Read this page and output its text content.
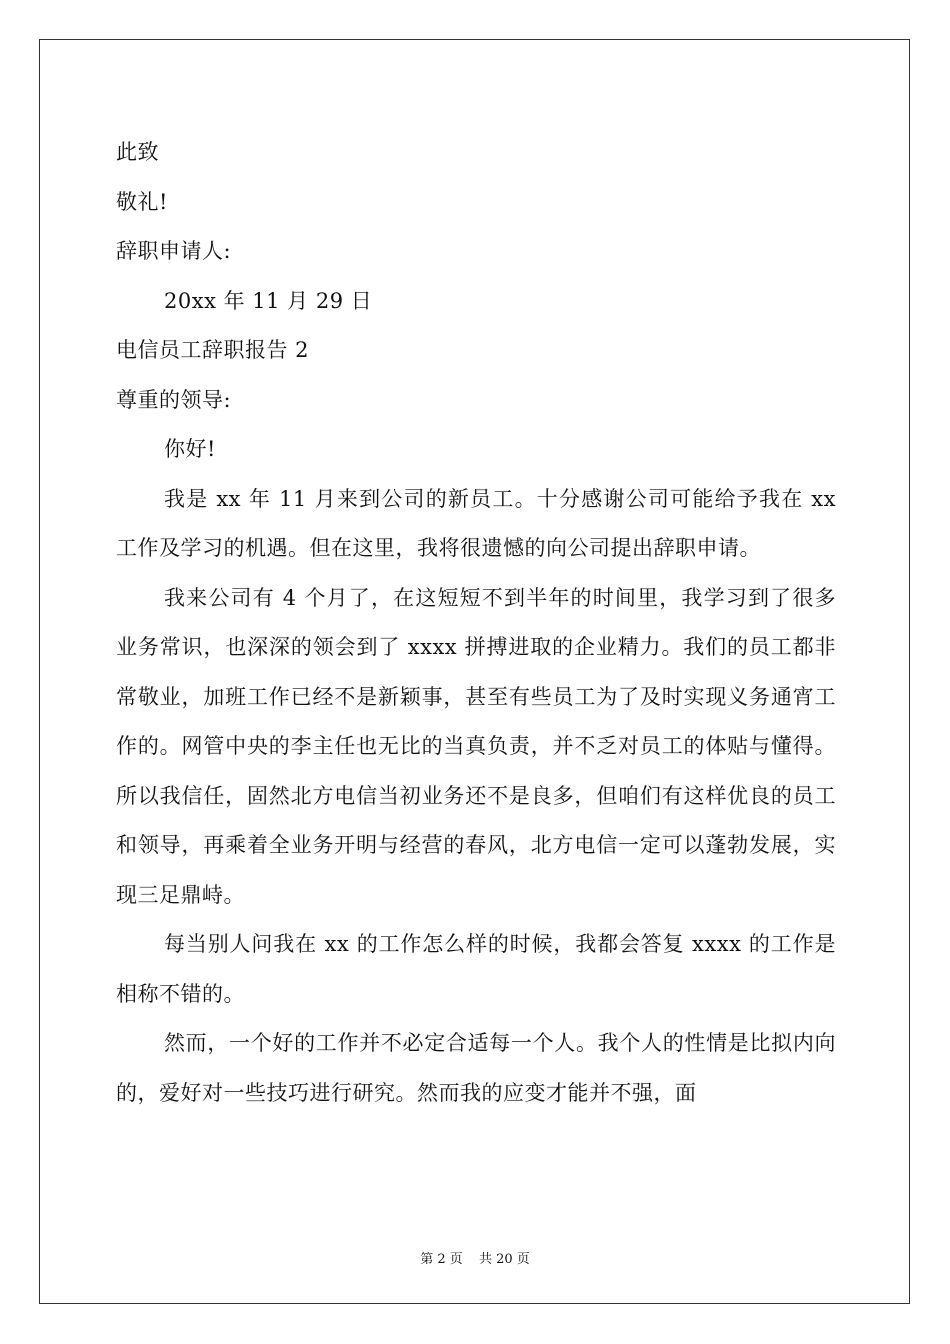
此致
敬礼!
辞职申请人:
20xx 年 11 月 29 日
电信员工辞职报告 2
尊重的领导:
你好!

我是 xx 年 11 月来到公司的新员工。十分感谢公司可能给予我在 xx 工作及学习的机遇。但在这里，我将很遗憾的向公司提出辞职申请。

我来公司有 4 个月了，在这短短不到半年的时间里，我学习到了很多业务常识，也深深的领会到了 xxxx 拼搏进取的企业精力。我们的员工都非常敬业，加班工作已经不是新颖事，甚至有些员工为了及时实现义务通宵工作的。网管中央的李主任也无比的当真负责，并不乏对员工的体贴与懂得。所以我信任，固然北方电信当初业务还不是良多，但咱们有这样优良的员工和领导，再乘着全业务开明与经营的春风，北方电信一定可以蓬勃发展，实现三足鼎峙。

每当别人问我在 xx 的工作怎么样的时候，我都会答复 xxxx 的工作是相称不错的。

然而，一个好的工作并不必定合适每一个人。我个人的性情是比拟内向的，爱好对一些技巧进行研究。然而我的应变才能并不强，面

第 2 页 共 20 页
